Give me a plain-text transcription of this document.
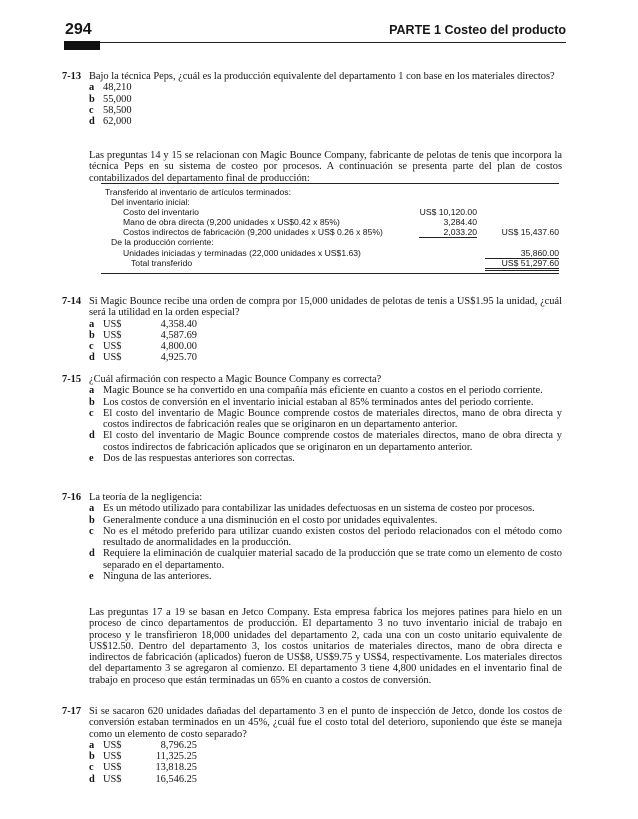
294	PARTE 1 Costeo del producto
7-13 Bajo la técnica Peps, ¿cuál es la producción equivalente del departamento 1 con base en los materiales directos?
a 48,210
b 55,000
c 58,500
d 62,000
Las preguntas 14 y 15 se relacionan con Magic Bounce Company, fabricante de pelotas de tenis que incorpora la técnica Peps en su sistema de costeo por procesos. A continuación se presenta parte del plan de costos contabilizados del departamento final de producción:
Transferido al inventario de artículos terminados:
Del inventario inicial:
Costo del inventario	US$ 10,120.00
Mano de obra directa (9,200 unidades x US$0.42 x 85%)	3,284.40
Costos indirectos de fabricación (9,200 unidades x US$ 0.26 x 85%)	2,033.20	US$ 15,437.60
De la producción corriente:
Unidades iniciadas y terminadas (22,000 unidades x US$1.63)	35,860.00
Total transferido	US$ 51,297.60
7-14 Si Magic Bounce recibe una orden de compra por 15,000 unidades de pelotas de tenis a US$1.95 la unidad, ¿cuál será la utilidad en la orden especial?
a US$	4,358.40
b US$	4,587.69
c US$	4,800.00
d US$	4,925.70
7-15 ¿Cuál afirmación con respecto a Magic Bounce Company es correcta?
a Magic Bounce se ha convertido en una compañía más eficiente en cuanto a costos en el periodo corriente.
b Los costos de conversión en el inventario inicial estaban al 85% terminados antes del periodo corriente.
c El costo del inventario de Magic Bounce comprende costos de materiales directos, mano de obra directa y costos indirectos de fabricación reales que se originaron en un departamento anterior.
d El costo del inventario de Magic Bounce comprende costos de materiales directos, mano de obra directa y costos indirectos de fabricación aplicados que se originaron en un departamento anterior.
e Dos de las respuestas anteriores son correctas.
7-16 La teoría de la negligencia:
a Es un método utilizado para contabilizar las unidades defectuosas en un sistema de costeo por procesos.
b Generalmente conduce a una disminución en el costo por unidades equivalentes.
c No es el método preferido para utilizar cuando existen costos del periodo relacionados con el método como resultado de anormalidades en la producción.
d Requiere la eliminación de cualquier material sacado de la producción que se trate como un elemento de costo separado en el departamento.
e Ninguna de las anteriores.
Las preguntas 17 a 19 se basan en Jetco Company. Esta empresa fabrica los mejores patines para hielo en un proceso de cinco departamentos de producción. El departamento 3 no tuvo inventario inicial de trabajo en proceso y le transfirieron 18,000 unidades del departamento 2, cada una con un costo unitario equivalente de US$12.50. Dentro del departamento 3, los costos unitarios de materiales directos, mano de obra directa e indirectos de fabricación (aplicados) fueron de US$8, US$9.75 y US$4, respectivamente. Los materiales directos del departamento 3 se agregaron al comienzo. El departamento 3 tiene 4,800 unidades en el inventario final de trabajo en proceso que están terminadas un 65% en cuanto a costos de conversión.
7-17 Si se sacaron 620 unidades dañadas del departamento 3 en el punto de inspección de Jetco, donde los costos de conversión estaban terminados en un 45%, ¿cuál fue el costo total del deterioro, suponiendo que éste se maneja como un elemento de costo separado?
a US$	8,796.25
b US$	11,325.25
c US$	13,818.25
d US$	16,546.25
